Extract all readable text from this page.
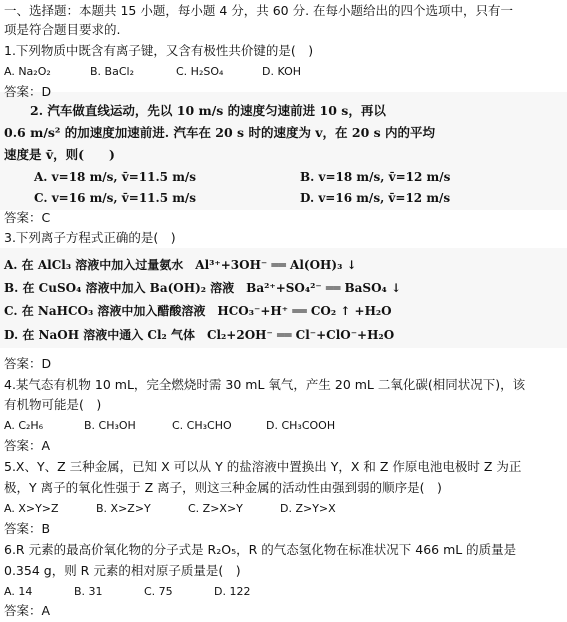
一、选择题：本题共 15 小题，每小题 4 分，共 60 分. 在每小题给出的四个选项中，只有一
项是符合题目要求的.
1.下列物质中既含有离子键，又含有极性共价键的是(　)
A. Na₂O₂	B. BaCl₂	C. H₂SO₄	D. KOH
答案：D
2. 汽车做直线运动，先以 10 m/s 的速度匀速前进 10 s，再以
0.6 m/s² 的加速度加速前进. 汽车在 20 s 时的速度为 v，在 20 s 内的平均
速度是 v̄，则(　　)
A. v=18 m/s, v̄=11.5 m/s	B. v=18 m/s, v̄=12 m/s
C. v=16 m/s, v̄=11.5 m/s	D. v=16 m/s, v̄=12 m/s
答案：C
3.下列离子方程式正确的是(　)
A. 在 AlCl₃ 溶液中加入过量氨水　Al³⁺+3OH⁻ ══ Al(OH)₃ ↓
B. 在 CuSO₄ 溶液中加入 Ba(OH)₂ 溶液　Ba²⁺+SO₄²⁻ ══ BaSO₄ ↓
C. 在 NaHCO₃ 溶液中加入醋酸溶液　HCO₃⁻+H⁺ ══ CO₂ ↑ +H₂O
D. 在 NaOH 溶液中通入 Cl₂ 气体　Cl₂+2OH⁻ ══ Cl⁻+ClO⁻+H₂O
答案：D
4.某气态有机物 10 mL，完全燃烧时需 30 mL 氧气，产生 20 mL 二氧化碳(相同状况下)，该
有机物可能是(　)
A. C₂H₆	B. CH₃OH	C. CH₃CHO	D. CH₃COOH
答案：A
5.X、Y、Z 三种金属，已知 X 可以从 Y 的盐溶液中置换出 Y，X 和 Z 作原电池电极时 Z 为正
极，Y 离子的氧化性强于 Z 离子，则这三种金属的活动性由强到弱的顺序是(　)
A. X>Y>Z	B. X>Z>Y	C. Z>X>Y	D. Z>Y>X
答案：B
6.R 元素的最高价氧化物的分子式是 R₂O₅，R 的气态氢化物在标准状况下 466 mL 的质量是
0.354 g，则 R 元素的相对原子质量是(　)
A. 14	B. 31	C. 75	D. 122
答案：A
